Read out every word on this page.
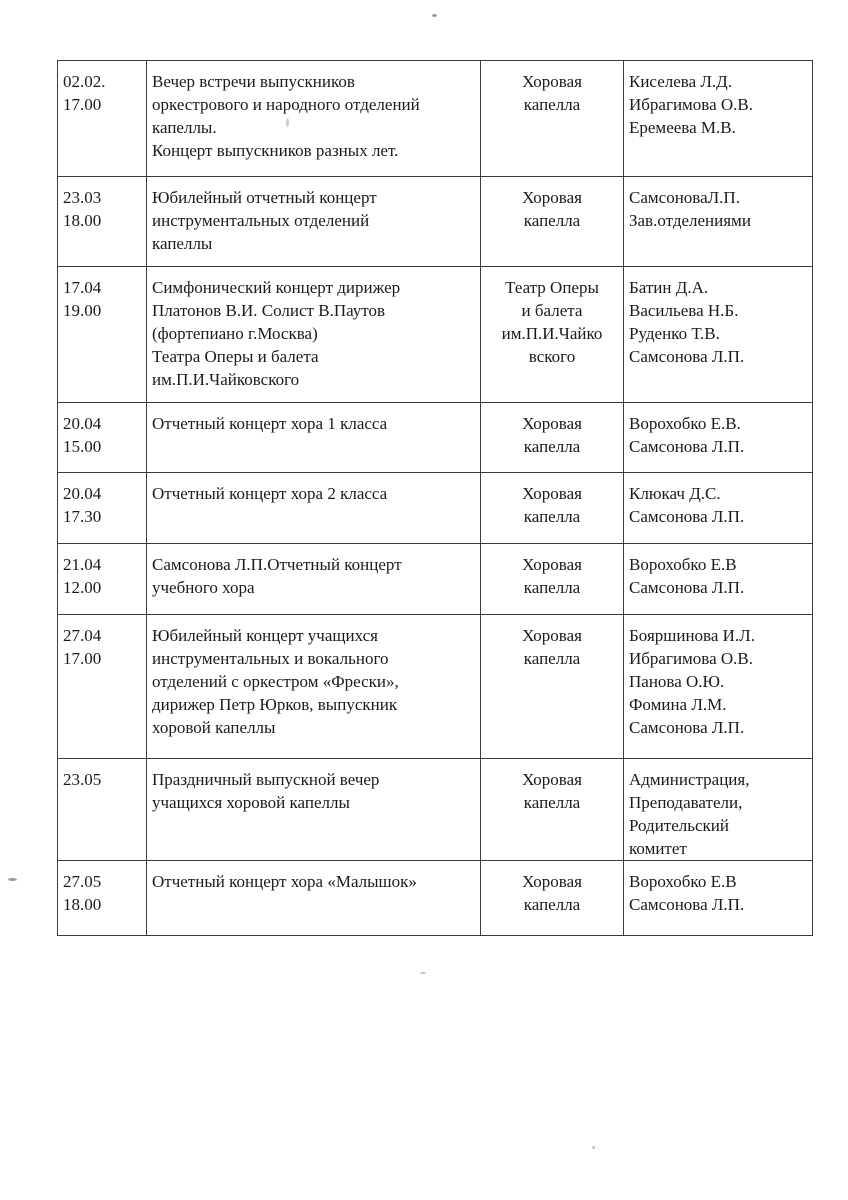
02.02.
17.00	Вечер встречи выпускников
оркестрового и народного отделений
капеллы.
Концерт выпускников разных лет.	Хоровая
капелла	Киселева Л.Д.
Ибрагимова О.В.
Еремеева М.В.

23.03
18.00	Юбилейный отчетный концерт
инструментальных отделений
капеллы	Хоровая
капелла	СамсоноваЛ.П.
Зав.отделениями

17.04
19.00	Симфонический концерт дирижер
Платонов В.И. Солист В.Паутов
(фортепиано г.Москва)
Театра Оперы и балета
им.П.И.Чайковского	Театр Оперы
и балета
им.П.И.Чайко
вского	Батин Д.А.
Васильева Н.Б.
Руденко Т.В.
Самсонова Л.П.

20.04
15.00	Отчетный концерт хора 1 класса	Хоровая
капелла	Ворохобко Е.В.
Самсонова Л.П.

20.04
17.30	Отчетный концерт хора 2 класса	Хоровая
капелла	Клюкач Д.С.
Самсонова Л.П.

21.04
12.00	Самсонова Л.П.Отчетный концерт
учебного хора	Хоровая
капелла	Ворохобко Е.В
Самсонова Л.П.

27.04
17.00	Юбилейный концерт учащихся
инструментальных и вокального
отделений с оркестром «Фрески»,
дирижер Петр Юрков, выпускник
хоровой капеллы	Хоровая
капелла	Бояршинова И.Л.
Ибрагимова О.В.
Панова О.Ю.
Фомина Л.М.
Самсонова Л.П.

23.05	Праздничный выпускной вечер
учащихся хоровой капеллы	Хоровая
капелла	Администрация,
Преподаватели,
Родительский
комитет

27.05
18.00	Отчетный концерт хора «Малышок»	Хоровая
капелла	Ворохобко Е.В
Самсонова Л.П.
